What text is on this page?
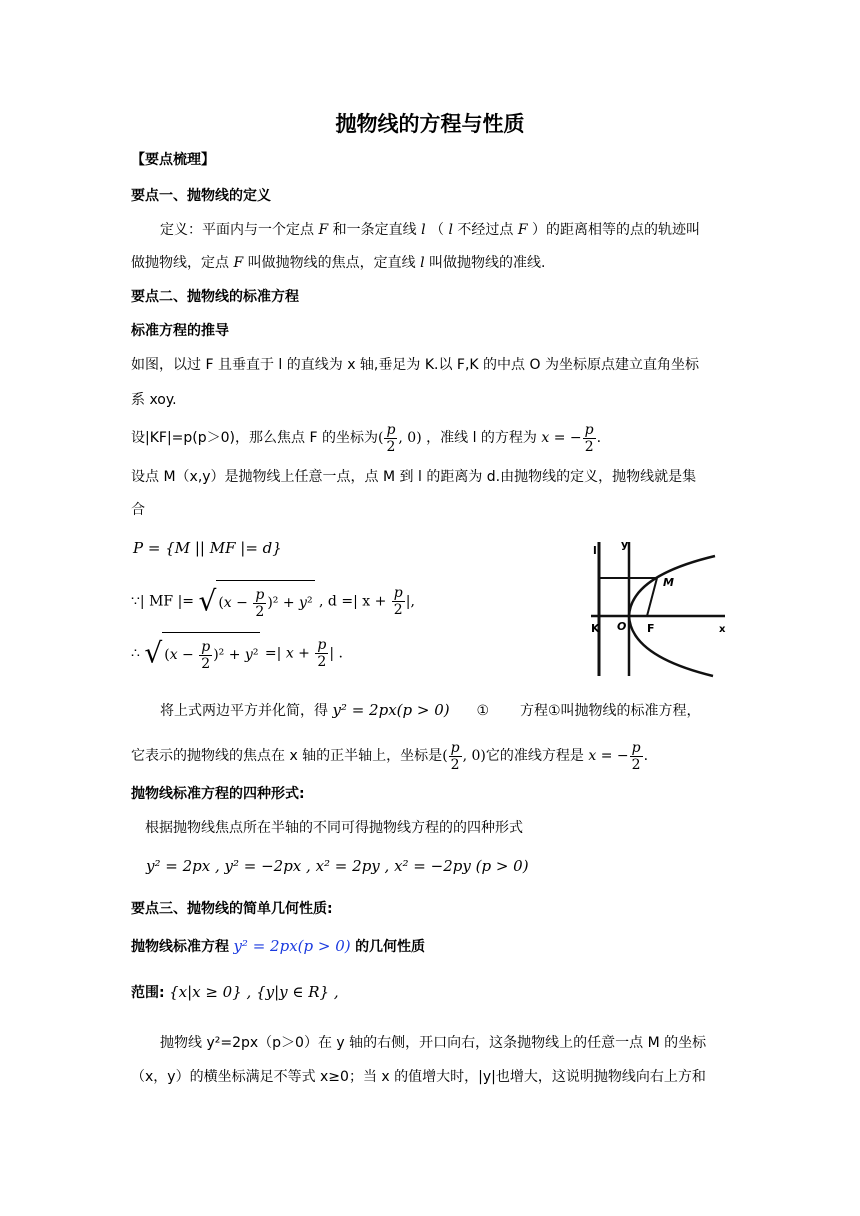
抛物线的方程与性质
【要点梳理】
要点一、抛物线的定义
定义：平面内与一个定点 F 和一条定直线 l （ l 不经过点 F ）的距离相等的点的轨迹叫
做抛物线，定点 F 叫做抛物线的焦点，定直线 l 叫做抛物线的准线.
要点二、抛物线的标准方程
标准方程的推导
如图，以过 F 且垂直于 l 的直线为 x 轴,垂足为 K.以 F,K 的中点 O 为坐标原点建立直角坐标
系 xoy.
设|KF|=p(p＞0)，那么焦点 F 的坐标为( $\frac{p}{2}$ , 0) ，准线 l 的方程为 x = − $\frac{p}{2}$ .
设点 M（x,y）是抛物线上任意一点，点 M 到 l 的距离为 d.由抛物线的定义，抛物线就是集
合
P = {M || MF |= d}
∵| MF |= √ $(x - \frac{p}{2} )^2 + y^2$ , d =| $x + \frac{p}{2}$ |,
∴ √ $(x - \frac{p}{2} )^2 + y^2$ =| $x + \frac{p}{2}$ | .
l y
M
K O F	x
将上式两边平方并化简，得 y² = 2px(p > 0) ① 方程①叫抛物线的标准方程，
它表示的抛物线的焦点在 x 轴的正半轴上，坐标是( $\frac{p}{2}$ , 0)它的准线方程是 x = − $\frac{p}{2}$ .
抛物线标准方程的四种形式:
根据抛物线焦点所在半轴的不同可得抛物线方程的的四种形式
y² = 2px , y² = −2px , x² = 2py , x² = −2py (p > 0)
要点三、抛物线的简单几何性质:
抛物线标准方程 y² = 2px(p > 0) 的几何性质
范围: {x|x ≥ 0} , {y|y ∈ R} ,
抛物线 y²=2px（p＞0）在 y 轴的右侧，开口向右，这条抛物线上的任意一点 M 的坐标
（x，y）的横坐标满足不等式 x≥0；当 x 的值增大时，|y|也增大，这说明抛物线向右上方和
